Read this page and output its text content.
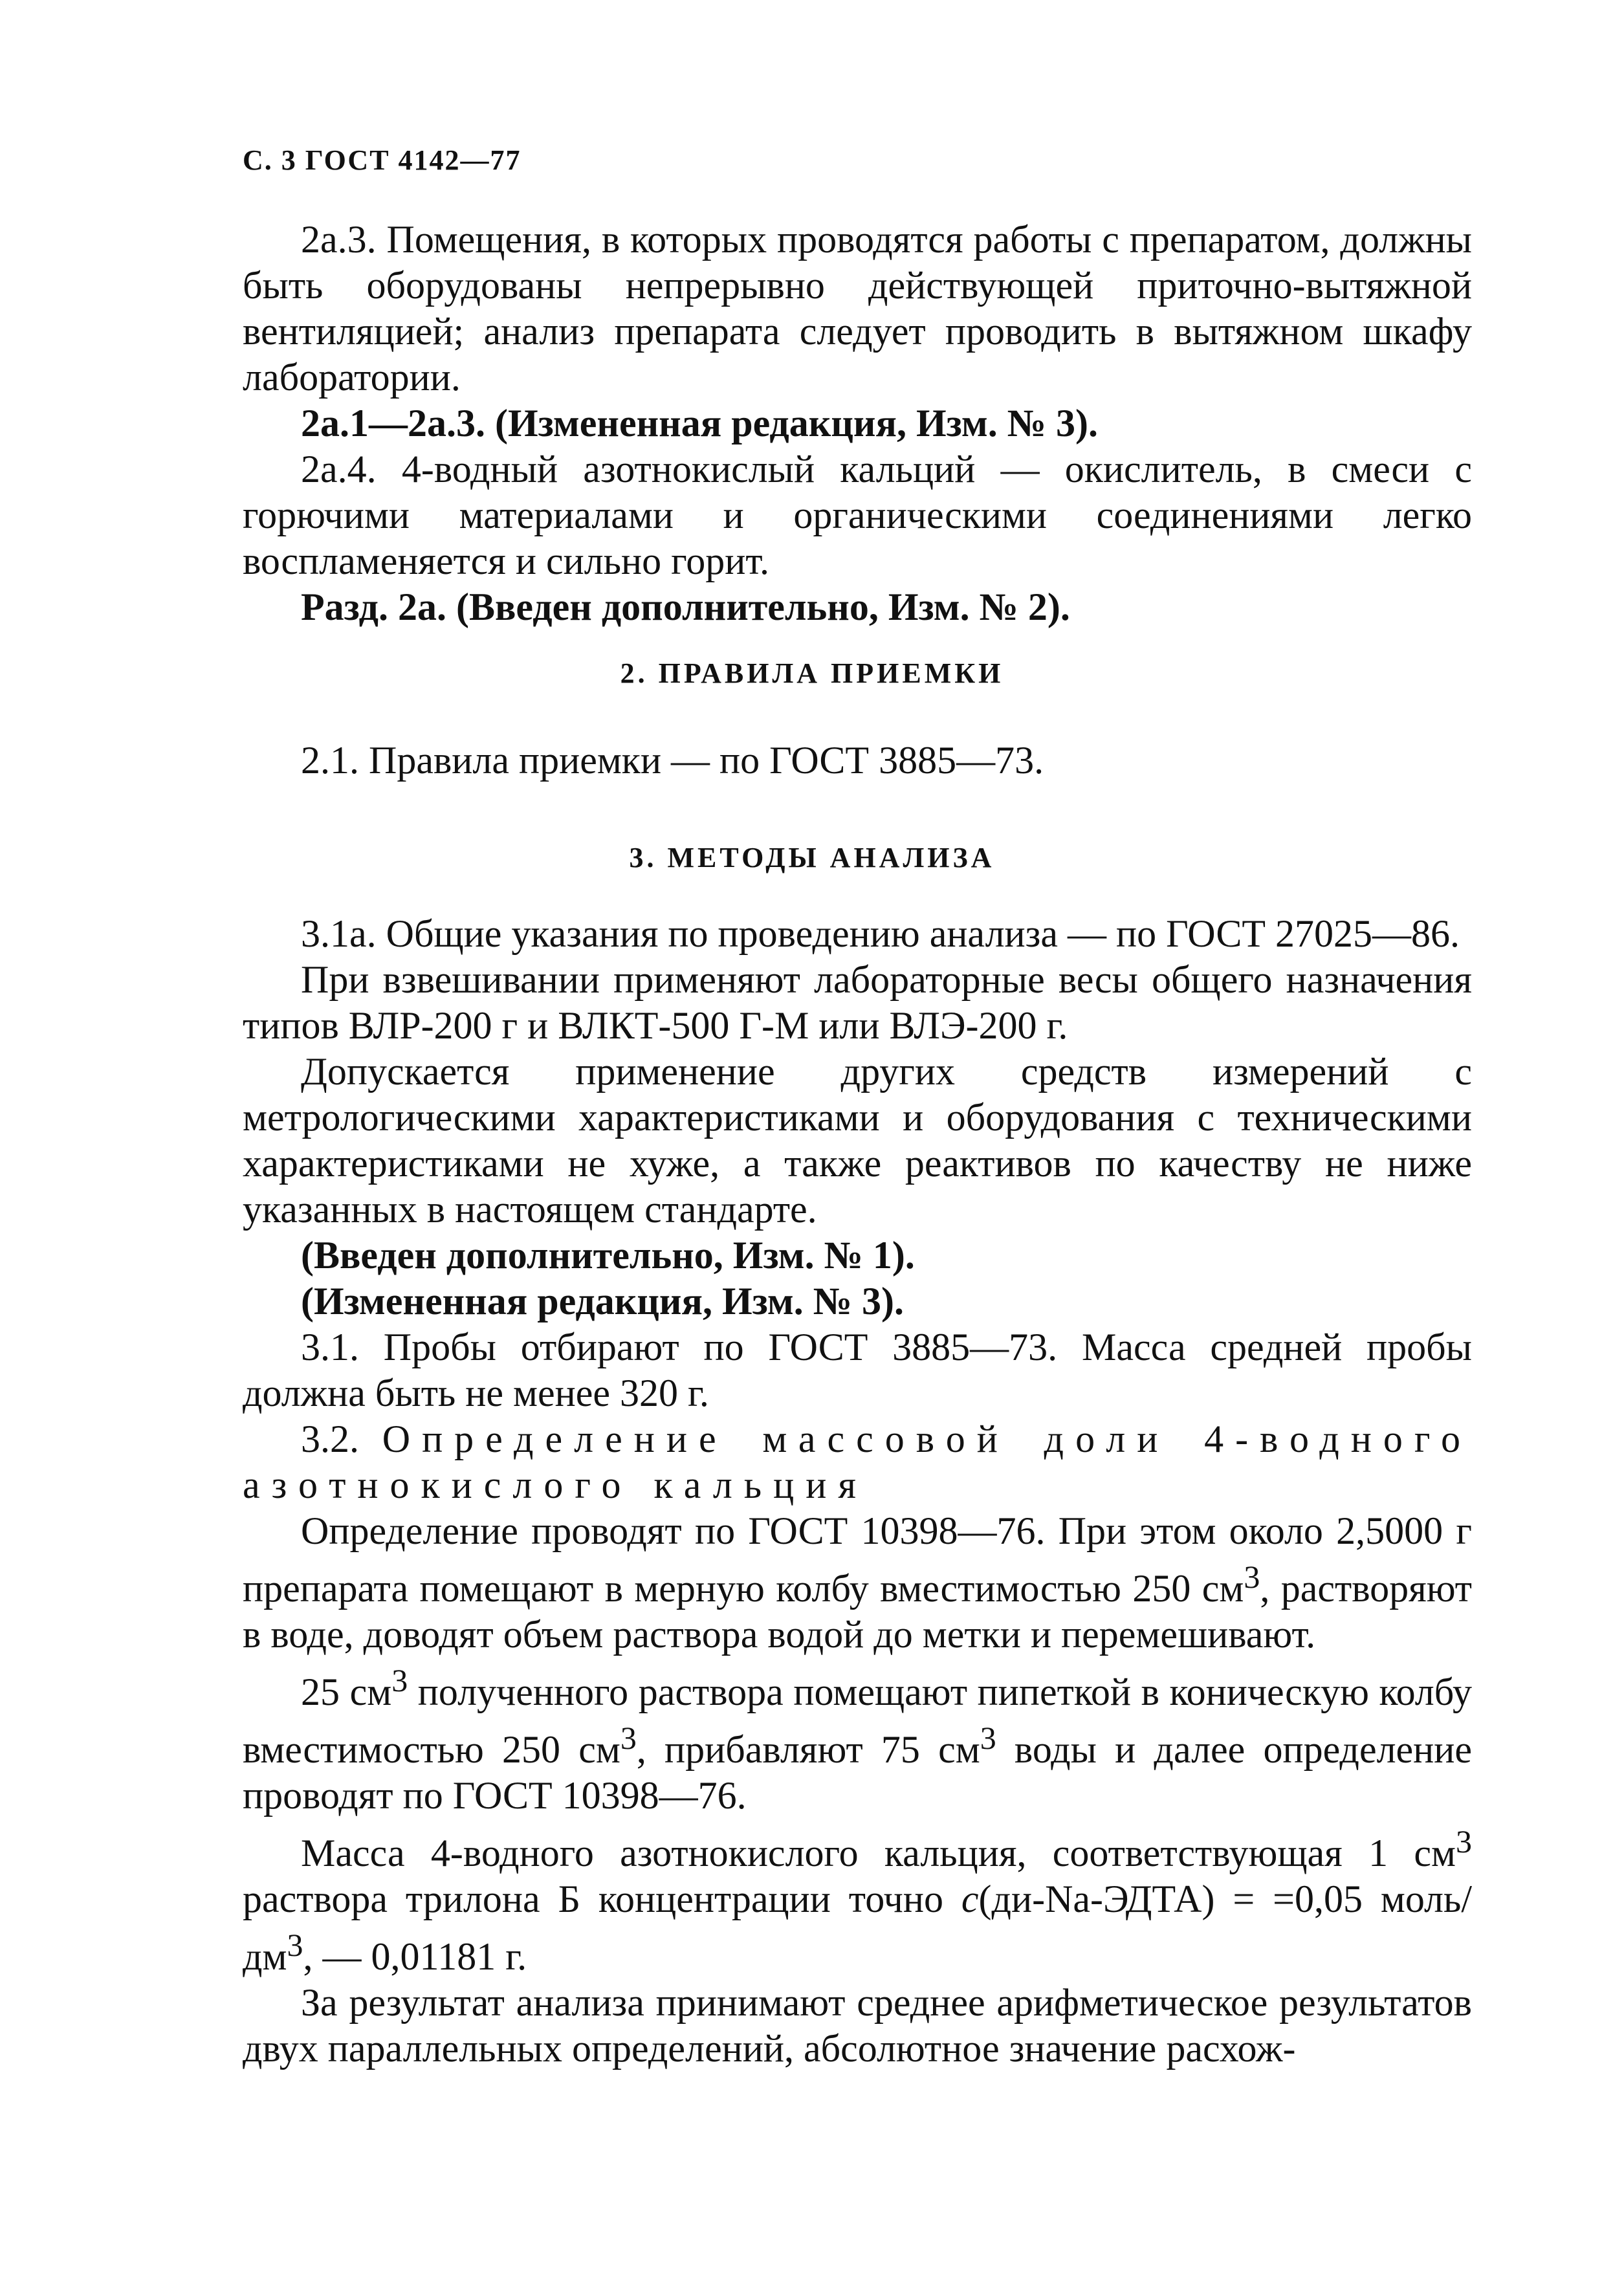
С. 3 ГОСТ 4142—77

2а.3. Помещения, в которых проводятся работы с препаратом, должны быть оборудованы непрерывно действующей приточно-вытяжной вентиляцией; анализ препарата следует проводить в вытяжном шкафу лаборатории.

2а.1—2а.3. (Измененная редакция, Изм. № 3).

2а.4. 4-водный азотнокислый кальций — окислитель, в смеси с горючими материалами и органическими соединениями легко воспламеняется и сильно горит.

Разд. 2а. (Введен дополнительно, Изм. № 2).

2. ПРАВИЛА ПРИЕМКИ

2.1. Правила приемки — по ГОСТ 3885—73.

3. МЕТОДЫ АНАЛИЗА

3.1а. Общие указания по проведению анализа — по ГОСТ 27025—86.

При взвешивании применяют лабораторные весы общего назначения типов ВЛР-200 г и ВЛКТ-500 Г-М или ВЛЭ-200 г.

Допускается применение других средств измерений с метрологическими характеристиками и оборудования с техническими характеристиками не хуже, а также реактивов по качеству не ниже указанных в настоящем стандарте.

(Введен дополнительно, Изм. № 1).

(Измененная редакция, Изм. № 3).

3.1. Пробы отбирают по ГОСТ 3885—73. Масса средней пробы должна быть не менее 320 г.

3.2. Определение массовой доли 4-водного азотнокислого кальция

Определение проводят по ГОСТ 10398—76. При этом около 2,5000 г препарата помещают в мерную колбу вместимостью 250 $см^3$, растворяют в воде, доводят объем раствора водой до метки и перемешивают.

25 $см^3$ полученного раствора помещают пипеткой в коническую колбу вместимостью 250 $см^3$, прибавляют 75 $см^3$ воды и далее определение проводят по ГОСТ 10398—76.

Масса 4-водного азотнокислого кальция, соответствующая 1 $см^3$ раствора трилона Б концентрации точно с(ди-Na-ЭДТА) = =0,05 моль/$дм^3$, — 0,01181 г.

За результат анализа принимают среднее арифметическое результатов двух параллельных определений, абсолютное значение расхож-
